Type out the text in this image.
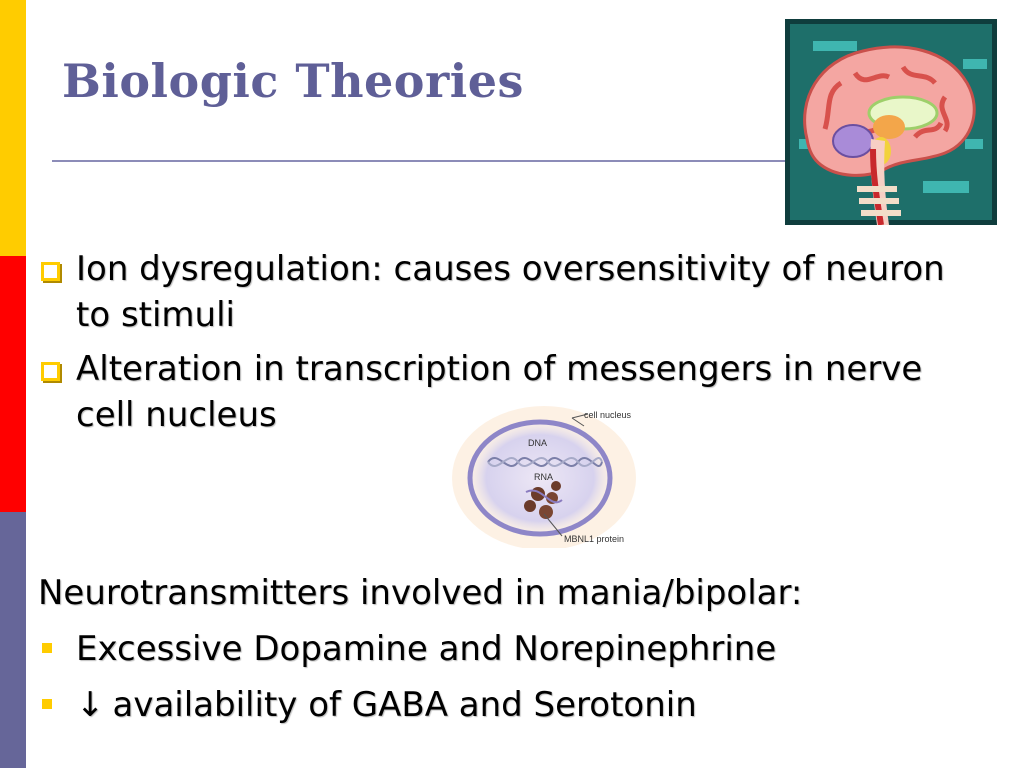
Biologic Theories
Ion dysregulation: causes oversensitivity of neuron to stimuli
Alteration in transcription of messengers in nerve cell nucleus	cell nucleus
DNA
RNA
MBNL1 protein
Neurotransmitters involved in mania/bipolar:
Excessive Dopamine and Norepinephrine
↓ availability of GABA and Serotonin
